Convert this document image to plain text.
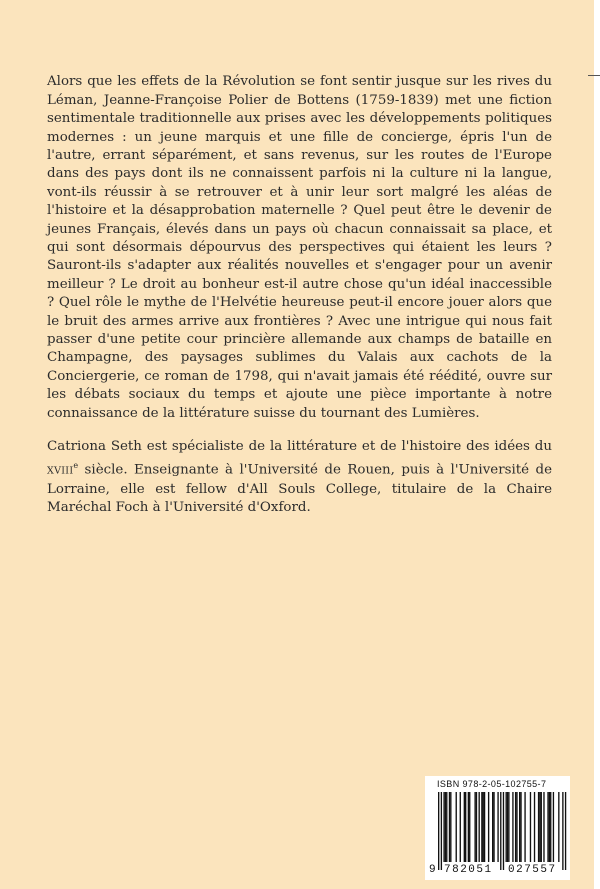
Alors que les effets de la Révolution se font sentir jusque sur les rives du Léman, Jeanne-Françoise Polier de Bottens (1759-1839) met une fiction sentimentale traditionnelle aux prises avec les développements politiques modernes : un jeune marquis et une fille de concierge, épris l'un de l'autre, errant séparément, et sans revenus, sur les routes de l'Europe dans des pays dont ils ne connaissent parfois ni la culture ni la langue, vont-ils réussir à se retrouver et à unir leur sort malgré les aléas de l'histoire et la désapprobation maternelle ? Quel peut être le devenir de jeunes Français, élevés dans un pays où chacun connaissait sa place, et qui sont désormais dépourvus des perspectives qui étaient les leurs ? Sauront-ils s'adapter aux réalités nouvelles et s'engager pour un avenir meilleur ? Le droit au bonheur est-il autre chose qu'un idéal inaccessible ? Quel rôle le mythe de l'Helvétie heureuse peut-il encore jouer alors que le bruit des armes arrive aux frontières ? Avec une intrigue qui nous fait passer d'une petite cour princière allemande aux champs de bataille en Champagne, des paysages sublimes du Valais aux cachots de la Conciergerie, ce roman de 1798, qui n'avait jamais été réédité, ouvre sur les débats sociaux du temps et ajoute une pièce importante à notre connaissance de la littérature suisse du tournant des Lumières.

Catriona Seth est spécialiste de la littérature et de l'histoire des idées du XVIIIe siècle. Enseignante à l'Université de Rouen, puis à l'Université de Lorraine, elle est fellow d'All Souls College, titulaire de la Chaire Maréchal Foch à l'Université d'Oxford.

ISBN 978-2-05-102755-7
9 782051 027557
